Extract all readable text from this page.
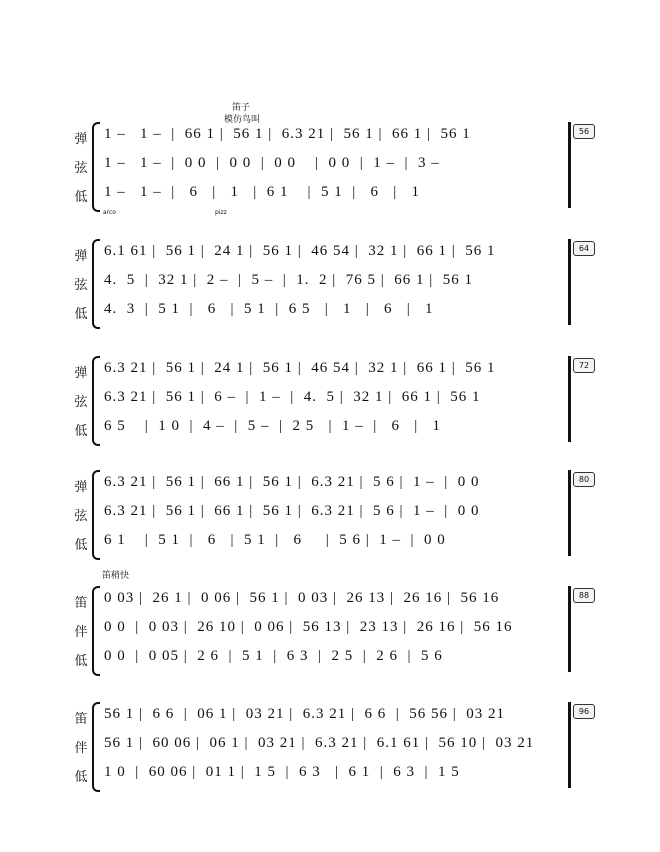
笛子
模仿鸟叫
笛稍快
arco	pizz
弹
弦
低
1 –   1 –  |  66 1 |  56 1 |  6.3 21 |  56 1 |  66 1 |  56 1
1 –   1 –  |  0 0  |  0 0  |  0 0    |  0 0  |  1 –  |  3 –
1 –   1 –  |   6   |   1   |  6 1    |  5 1  |   6   |   1
56
弹
弦
低
6.1 61 |  56 1 |  24 1 |  56 1 |  46 54 |  32 1 |  66 1 |  56 1
4.  5  |  32 1 |  2 –  |  5 –  |  1.  2 |  76 5 |  66 1 |  56 1
4.  3  |  5 1  |   6   |  5 1  |  6 5   |   1   |   6   |   1
64
弹
弦
低
6.3 21 |  56 1 |  24 1 |  56 1 |  46 54 |  32 1 |  66 1 |  56 1
6.3 21 |  56 1 |  6 –  |  1 –  |  4.  5 |  32 1 |  66 1 |  56 1
6 5    |  1 0  |  4 –  |  5 –  |  2 5   |  1 –  |   6   |   1
72
弹
弦
低
6.3 21 |  56 1 |  66 1 |  56 1 |  6.3 21 |  5 6 |  1 –  |  0 0
6.3 21 |  56 1 |  66 1 |  56 1 |  6.3 21 |  5 6 |  1 –  |  0 0
6 1    |  5 1  |   6   |  5 1  |   6     |  5 6 |  1 –  |  0 0
80
笛
伴
低
0 03 |  26 1 |  0 06 |  56 1 |  0 03 |  26 13 |  26 16 |  56 16
0 0  |  0 03 |  26 10 |  0 06 |  56 13 |  23 13 |  26 16 |  56 16
0 0  |  0 05 |  2 6  |  5 1  |  6 3  |  2 5  |  2 6  |  5 6
88
笛
伴
低
56 1 |  6 6  |  06 1 |  03 21 |  6.3 21 |  6 6  |  56 56 |  03 21
56 1 |  60 06 |  06 1 |  03 21 |  6.3 21 |  6.1 61 |  56 10 |  03 21
1 0  |  60 06 |  01 1 |  1 5  |  6 3   |  6 1  |  6 3  |  1 5
96
